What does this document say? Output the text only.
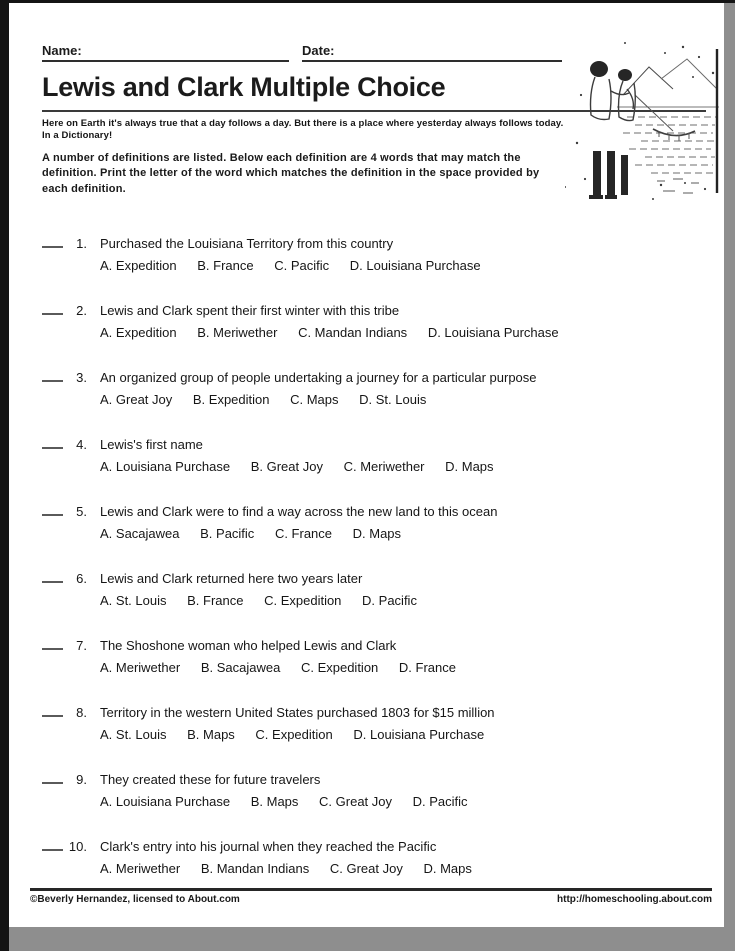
Name:	Date:
Lewis and Clark Multiple Choice
Here on Earth it's always true that a day follows a day. But there is a place where yesterday always follows today. In a Dictionary!
A number of definitions are listed. Below each definition are 4 words that may match the definition. Print the letter of the word which matches the definition in the space provided by each definition.
1. Purchased the Louisiana Territory from this country
A. Expedition B. France C. Pacific D. Louisiana Purchase
2. Lewis and Clark spent their first winter with this tribe
A. Expedition B. Meriwether C. Mandan Indians D. Louisiana Purchase
3. An organized group of people undertaking a journey for a particular purpose
A. Great Joy B. Expedition C. Maps D. St. Louis
4. Lewis's first name
A. Louisiana Purchase B. Great Joy C. Meriwether D. Maps
5. Lewis and Clark were to find a way across the new land to this ocean
A. Sacajawea B. Pacific C. France D. Maps
6. Lewis and Clark returned here two years later
A. St. Louis B. France C. Expedition D. Pacific
7. The Shoshone woman who helped Lewis and Clark
A. Meriwether B. Sacajawea C. Expedition D. France
8. Territory in the western United States purchased 1803 for $15 million
A. St. Louis B. Maps C. Expedition D. Louisiana Purchase
9. They created these for future travelers
A. Louisiana Purchase B. Maps C. Great Joy D. Pacific
10. Clark's entry into his journal when they reached the Pacific
A. Meriwether B. Mandan Indians C. Great Joy D. Maps
©Beverly Hernandez, licensed to About.com	http://homeschooling.about.com
